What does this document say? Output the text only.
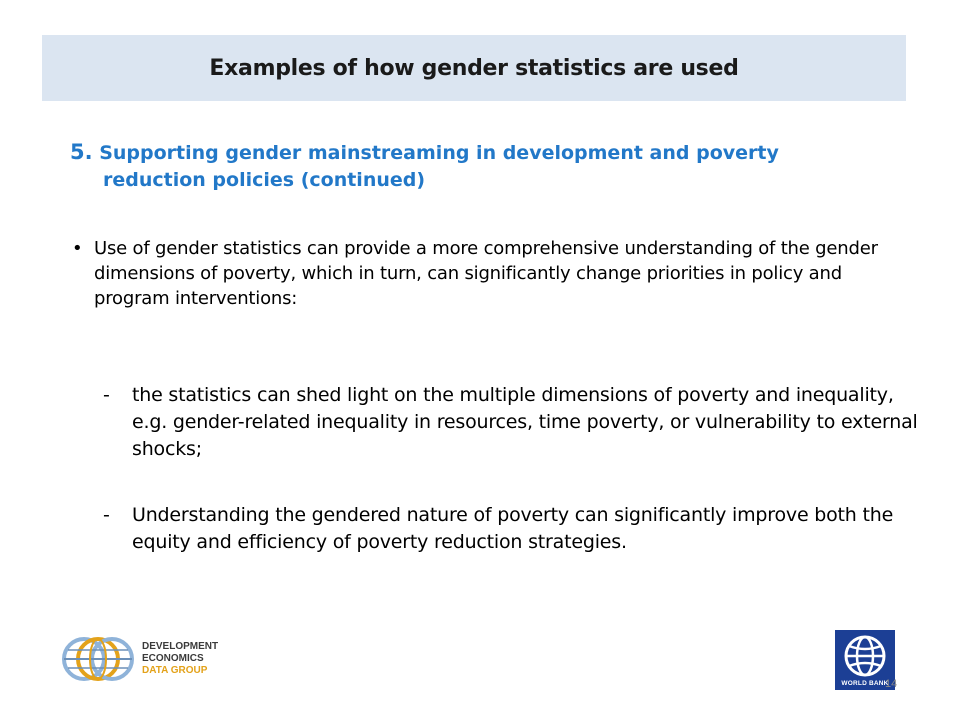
Examples of how gender statistics are used
5. Supporting gender mainstreaming in development and poverty
reduction policies (continued)
• Use of gender statistics can provide a more comprehensive understanding of the gender dimensions of poverty, which in turn, can significantly change priorities in policy and program interventions:
-	the statistics can shed light on the multiple dimensions of poverty and inequality, e.g. gender-related inequality in resources, time poverty, or vulnerability to external shocks;
-	Understanding the gendered nature of poverty can significantly improve both the equity and efficiency of poverty reduction strategies.
DEVELOPMENT ECONOMICS
DATA GROUP
WORLD BANK
14
